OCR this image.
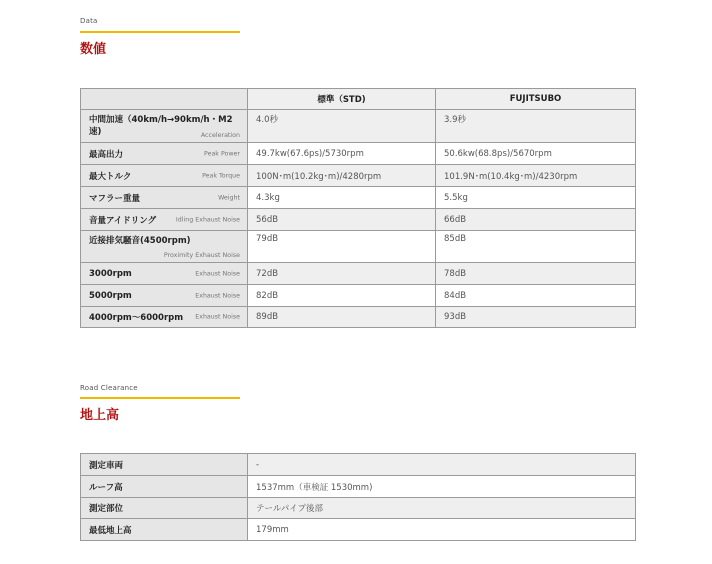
Data
数値
	標準（STD)	FUJITSUBO
中間加速（40km/h→90km/h・M2速) Acceleration	4.0秒	3.9秒
最高出力 Peak Power	49.7kw(67.6ps)/5730rpm	50.6kw(68.8ps)/5670rpm
最大トルク Peak Torque	100N･m(10.2kg･m)/4280rpm	101.9N･m(10.4kg･m)/4230rpm
マフラー重量 Weight	4.3kg	5.5kg
音量アイドリング Idling Exhaust Noise	56dB	66dB
近接排気騒音(4500rpm)
Proximity Exhaust Noise	79dB	85dB
3000rpm Exhaust Noise	72dB	78dB
5000rpm Exhaust Noise	82dB	84dB
4000rpm～6000rpm Exhaust Noise	89dB	93dB
Road Clearance
地上高
測定車両	-
ルーフ高	1537mm（車検証 1530mm)
測定部位	テールパイプ後部
最低地上高	179mm
